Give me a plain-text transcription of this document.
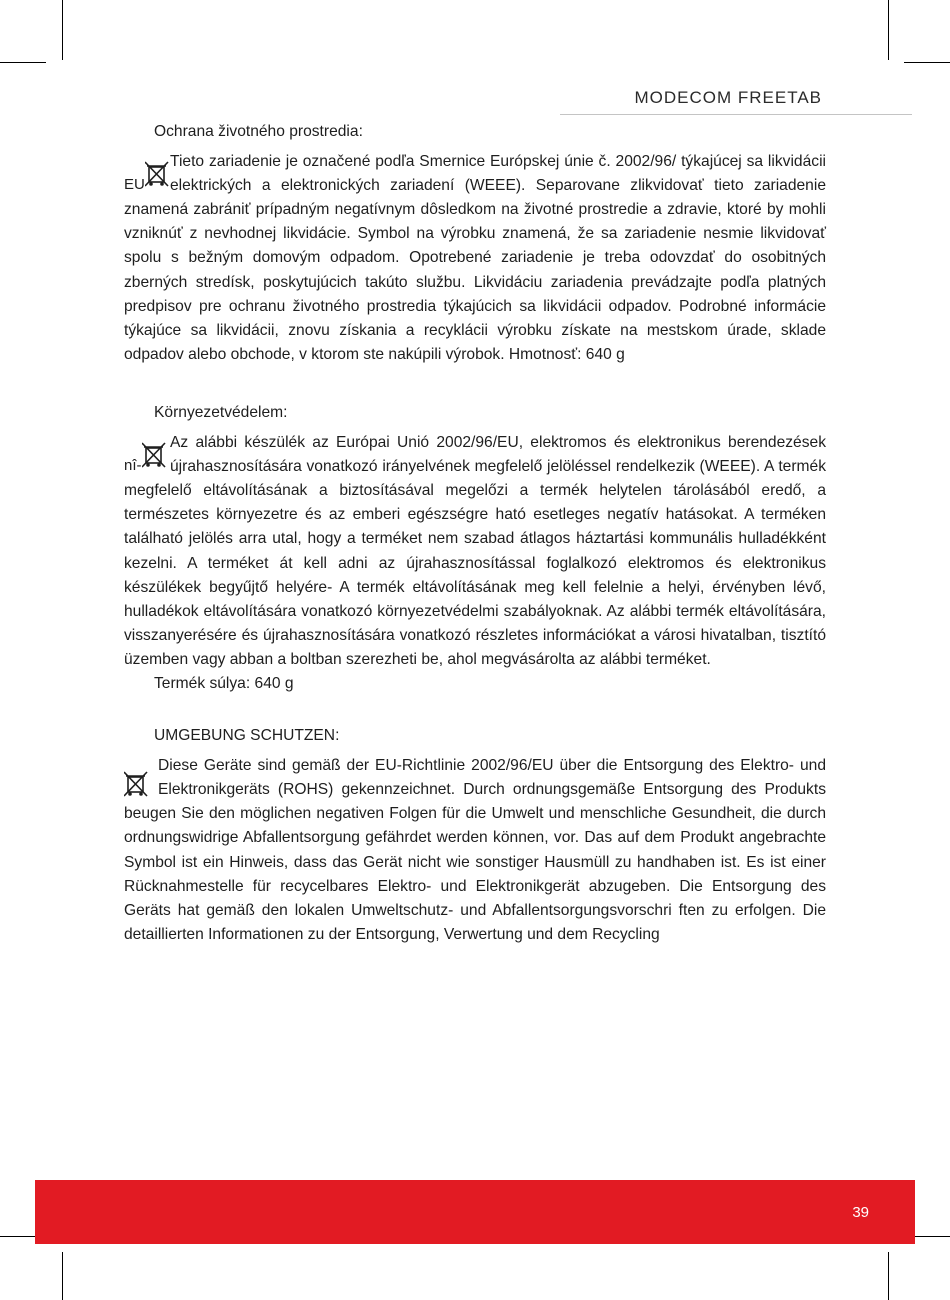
MODECOM FREETAB
Ochrana životného prostredia:
EU
Tieto zariadenie je označené podľa Smernice Európskej únie č. 2002/96/ týkajúcej sa likvidácii elektrických a elektronických zariadení (WEEE). Separovane zlikvidovať tieto zariadenie znamená zabrániť prípadným negatívnym dôsledkom na životné prostredie a zdravie, ktoré by mohli vzniknúť z nevhodnej likvidácie. Symbol na výrobku znamená, že sa zariadenie nesmie likvidovať spolu s bežným domovým odpadom. Opotrebené zariadenie je treba odovzdať do osobitných zberných stredísk, poskytujúcich takúto službu. Likvidáciu zariadenia prevádzajte podľa platných predpisov pre ochranu životného prostredia týkajúcich sa likvidácii odpadov. Podrobné informácie týkajúce sa likvidácii, znovu získania a recyklácii výrobku získate na mestskom úrade, sklade odpadov alebo obchode, v ktorom ste nakúpili výrobok. Hmotnosť: 640 g
Környezetvédelem:
nî-
Az alábbi készülék az Európai Unió 2002/96/EU, elektromos és elektronikus berendezések újrahasznosítására vonatkozó irányelvének megfelelő jelöléssel rendelkezik (WEEE). A termék megfelelő eltávolításának a biztosításával megelőzi a termék helytelen tárolásából eredő, a természetes környezetre és az emberi egészségre ható esetleges negatív hatásokat. A terméken található jelölés arra utal, hogy a terméket nem szabad átlagos háztartási kommunális hulladékként kezelni. A terméket át kell adni az újrahasznosítással foglalkozó elektromos és elektronikus készülékek begyűjtő helyére- A termék eltávolításának meg kell felelnie a helyi, érvényben lévő, hulladékok eltávolítására vonatkozó környezetvédelmi szabályoknak. Az alábbi termék eltávolítására, visszanyerésére és újrahasznosítására vonatkozó részletes információkat a városi hivatalban, tisztító üzemben vagy abban a boltban szerezheti be, ahol megvásárolta az alábbi terméket.
Termék súlya: 640 g
UMGEBUNG SCHUTZEN:
Diese Geräte sind gemäß der EU-Richtlinie 2002/96/EU über die Entsorgung des Elektro- und Elektronikgeräts (ROHS) gekennzeichnet. Durch ordnungsgemäße Entsorgung des Produkts beugen Sie den möglichen negativen Folgen für die Umwelt und menschliche Gesundheit, die durch ordnungswidrige Abfallentsorgung gefährdet werden können, vor. Das auf dem Produkt angebrachte Symbol ist ein Hinweis, dass das Gerät nicht wie sonstiger Hausmüll zu handhaben ist. Es ist einer Rücknahmestelle für recycelbares Elektro- und Elektronikgerät abzugeben. Die Entsorgung des Geräts hat gemäß den lokalen Umweltschutz- und Abfallentsorgungsvorschri ften zu erfolgen. Die detaillierten Informationen zu der Entsorgung, Verwertung und dem Recycling
39
